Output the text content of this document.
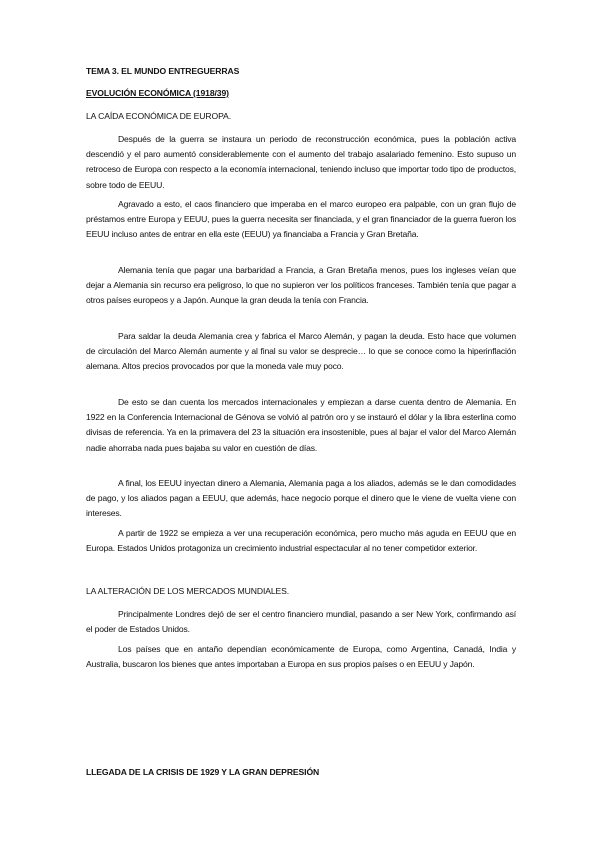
TEMA 3. EL MUNDO ENTREGUERRAS
EVOLUCIÓN ECONÓMICA (1918/39)
LA CAÍDA ECONÓMICA DE EUROPA.

Después de la guerra se instaura un periodo de reconstrucción económica, pues la población activa descendió y el paro aumentó considerablemente con el aumento del trabajo asalariado femenino. Esto supuso un retroceso de Europa con respecto a la economía internacional, teniendo incluso que importar todo tipo de productos, sobre todo de EEUU.

Agravado a esto, el caos financiero que imperaba en el marco europeo era palpable, con un gran flujo de préstamos entre Europa y EEUU, pues la guerra necesita ser financiada, y el gran financiador de la guerra fueron los EEUU incluso antes de entrar en ella este (EEUU) ya financiaba a Francia y Gran Bretaña.

Alemania tenía que pagar una barbaridad a Francia, a Gran Bretaña menos, pues los ingleses veían que dejar a Alemania sin recurso era peligroso, lo que no supieron ver los políticos franceses. También tenía que pagar a otros países europeos y a Japón. Aunque la gran deuda la tenía con Francia.

Para saldar la deuda Alemania crea y fabrica el Marco Alemán, y pagan la deuda. Esto hace que volumen de circulación del Marco Alemán aumente y al final su valor se desprecie… lo que se conoce como la hiperinflación alemana. Altos precios provocados por que la moneda vale muy poco.

De esto se dan cuenta los mercados internacionales y empiezan a darse cuenta dentro de Alemania. En 1922 en la Conferencia Internacional de Génova se volvió al patrón oro y se instauró el dólar y la libra esterlina como divisas de referencia. Ya en la primavera del 23 la situación era insostenible, pues al bajar el valor del Marco Alemán nadie ahorraba nada pues bajaba su valor en cuestión de días.

A final, los EEUU inyectan dinero a Alemania, Alemania paga a los aliados, además se le dan comodidades de pago, y los aliados pagan a EEUU, que además, hace negocio porque el dinero que le viene de vuelta viene con intereses.

A partir de 1922 se empieza a ver una recuperación económica, pero mucho más aguda en EEUU que en Europa. Estados Unidos protagoniza un crecimiento industrial espectacular al no tener competidor exterior.

LA ALTERACIÓN DE LOS MERCADOS MUNDIALES.

Principalmente Londres dejó de ser el centro financiero mundial, pasando a ser New York, confirmando así el poder de Estados Unidos.

Los países que en antaño dependían económicamente de Europa, como Argentina, Canadá, India y Australia, buscaron los bienes que antes importaban a Europa en sus propios países o en EEUU y Japón.

LLEGADA DE LA CRISIS DE 1929 Y LA GRAN DEPRESIÓN
